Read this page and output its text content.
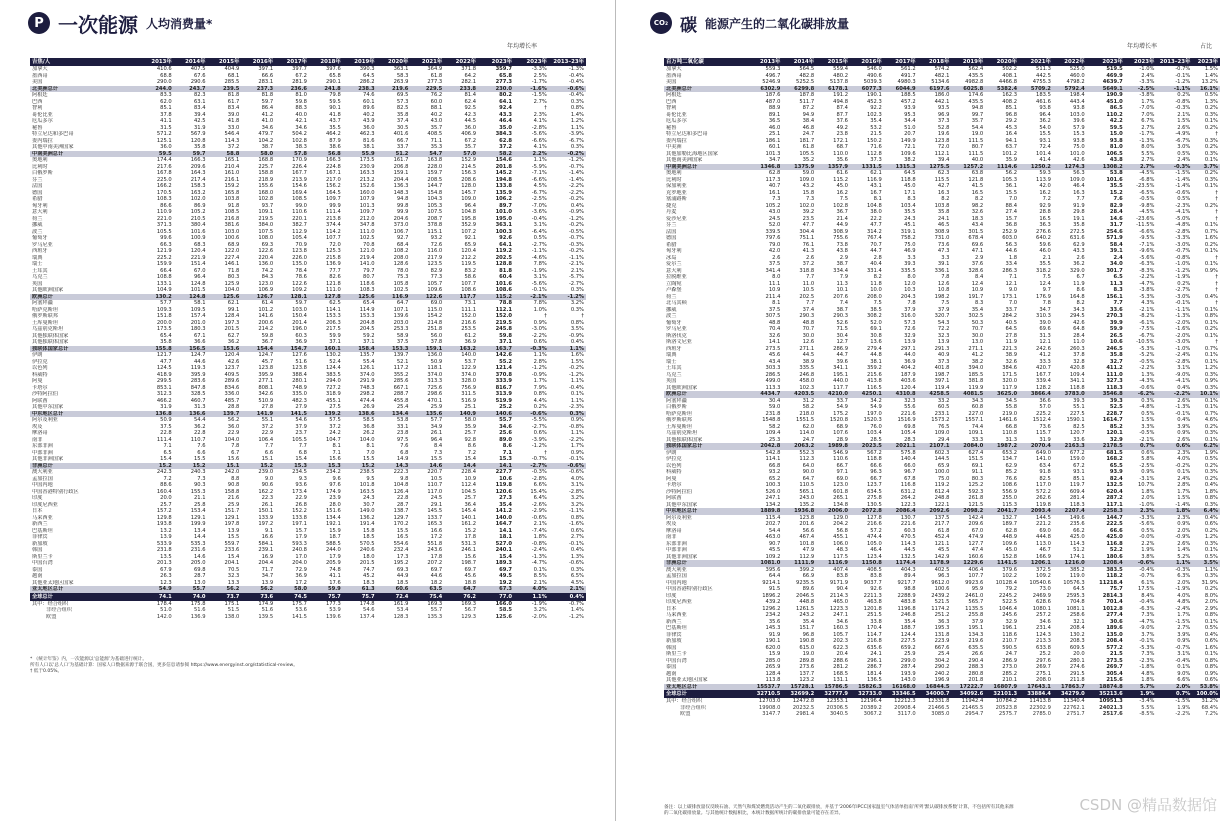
P 一次能源 人均消费量*
年均增长率
吉焦/人	2013年	2014年	2015年	2016年	2017年	2018年	2019年	2020年	2021年	2022年	2023年	2023年	2013–23年
加拿大	410.6	407.5	404.9	397.1	397.7	397.6	390.3	363.1	364.9	371.8	359.7	-3.3%	-1.3%
墨西哥	68.8	67.6	68.1	66.6	67.2	65.8	64.5	58.3	61.8	64.2	65.8	2.5%	-0.4%
美国	290.0	290.6	285.5	283.1	281.9	290.1	286.2	263.9	277.3	282.1	277.3	-1.7%	-0.4%
北美洲总计	244.0	243.7	239.5	237.3	236.6	241.8	238.3	219.6	229.5	233.8	230.0	-1.6%	-0.6%
阿根廷	83.3	82.3	81.8	81.8	81.0	79.8	74.6	69.5	76.2	81.4	80.2	-1.5%	-0.4%
巴西	62.0	63.1	61.7	59.7	59.8	59.5	60.1	57.3	60.0	62.4	64.1	2.7%	0.3%
智利	85.1	83.4	83.4	86.4	88.3	90.1	89.6	82.5	88.1	92.5	92.4	†	0.8%
哥伦比亚	37.8	39.4	39.0	41.2	40.0	41.8	40.2	35.8	40.2	42.3	43.3	2.3%	1.4%
厄瓜多尔	41.1	42.5	41.8	41.0	42.1	43.7	43.9	37.4	43.0	44.5	46.4	4.1%	1.2%
秘鲁	31.5	31.9	33.0	34.6	34.6	35.5	36.0	30.5	35.7	36.0	35.0	-2.8%	1.1%
特立尼达和多巴哥	571.2	567.9	546.4	479.7	504.2	464.2	462.3	401.6	408.5	406.9	384.3	-5.6%	-3.9%
委内瑞拉	125.1	120.8	114.3	104.2	102.8	87.9	81.6	66.7	71.1	67.2	62.8	-6.6%	-6.7%
其他中南美洲国家	36.0	35.8	37.2	38.7	38.3	38.6	38.1	33.7	35.3	35.7	37.2	4.1%	0.3%
中南美洲总计	59.5	59.7	58.8	58.0	57.8	56.8	55.9	51.2	54.7	57.0	58.2	2.2%	-0.2%
奥地利	174.4	166.3	165.1	168.8	170.9	166.3	173.5	161.7	163.8	152.9	154.6	1.1%	-1.2%
比利时	217.6	209.6	210.4	225.7	226.4	224.8	230.9	206.8	228.0	214.5	201.8	-5.9%	-0.7%
白俄罗斯	167.8	164.3	161.0	158.8	167.7	167.1	163.3	159.1	159.7	156.3	145.2	-7.1%	-1.4%
芬兰	225.0	217.4	216.1	218.9	213.9	217.0	213.2	204.4	208.5	208.6	194.8	-6.6%	-1.4%
法国	166.2	158.3	159.2	155.6	154.6	156.2	152.6	136.3	144.7	128.0	133.8	4.5%	-2.2%
德国	170.5	163.2	165.8	168.0	169.4	164.5	160.0	148.3	154.8	145.7	135.9	-6.7%	-2.2%
希腊	108.3	102.0	103.8	102.8	108.5	109.7	107.9	94.8	104.3	109.0	106.2	-2.5%	-0.2%
匈牙利	86.6	86.9	91.8	93.7	99.0	99.9	101.3	99.8	105.3	96.4	89.7	-7.0%	0.4%
意大利	110.9	105.2	108.5	109.1	110.6	111.4	109.7	99.9	107.5	104.8	101.0	-3.6%	-0.9%
荷兰	221.0	210.5	216.8	219.5	220.1	213.8	212.0	204.6	208.7	195.8	195.0	-0.4%	-1.2%
挪威	371.3	380.4	381.6	384.0	382.7	374.4	347.8	373.0	378.8	352.9	363.1	3.1%	-0.2%
波兰	105.5	101.6	103.0	107.5	112.9	114.2	111.0	106.7	115.1	107.2	100.3	-6.4%	-0.5%
葡萄牙	99.6	100.9	100.6	108.0	105.4	107.7	102.5	92.7	93.2	92.1	92.6	0.5%	-0.7%
罗马尼亚	66.3	68.3	68.9	69.3	70.9	72.0	70.8	68.4	72.6	65.9	64.1	-2.7%	-0.3%
西班牙	121.9	120.4	122.0	122.6	123.8	125.3	121.0	108.2	116.0	120.4	119.2	-1.1%	-0.2%
瑞典	225.2	221.9	227.4	220.4	226.0	215.8	219.4	208.0	217.9	212.2	202.5	-4.6%	-1.1%
瑞士	159.9	151.4	146.1	136.0	135.0	136.9	141.0	128.6	123.5	119.5	128.8	7.8%	-2.1%
土耳其	66.4	67.0	71.8	74.2	78.4	77.7	79.7	78.0	82.9	83.2	81.8	-1.9%	2.1%
乌克兰	108.8	96.4	80.3	84.3	78.6	82.6	80.7	75.3	77.3	58.6	60.4	3.1%	-5.7%
英国	133.1	124.8	125.9	123.0	122.6	121.8	118.6	105.8	105.7	107.7	101.6	-5.6%	-2.7%
其他欧洲国家	104.9	101.5	104.0	106.9	109.2	111.0	108.3	102.5	109.6	108.6	108.6	-0.1%	0.3%
欧洲总计	130.2	124.8	125.6	126.7	128.1	127.8	125.6	116.9	122.6	117.7	115.2	-2.1%	-1.2%
阿塞拜疆	57.7	58.1	62.1	61.4	59.7	62.5	65.4	64.7	69.0	73.1	78.8	7.8%	3.2%
哈萨克斯坦	109.3	109.5	99.1	101.2	103.0	114.1	114.9	107.1	115.0	111.1	112.1	1.0%	0.3%
俄罗斯联邦	151.8	157.4	128.4	141.6	150.4	153.3	153.3	139.6	154.2	152.0	152.0	†	†
土库曼斯坦	200.0	201.0	197.3	200.6	201.4	206.3	204.8	203.0	214.8	216.6	219.5	0.9%	0.8%
乌兹别克斯坦	173.5	180.3	201.5	214.2	196.0	217.5	204.5	253.3	251.8	253.5	245.8	-3.0%	3.5%
其他独联体国家	65.4	67.1	62.7	59.8	60.3	59.9	59.2	58.9	56.0	61.2	59.8	-2.2%	-0.9%
其他独联体国家	35.8	36.6	36.2	36.7	36.9	37.1	37.1	37.5	37.8	36.9	37.1	0.6%	0.4%
独联体国家总计	155.8	156.5	153.6	154.4	154.7	160.1	158.4	153.3	159.1	163.2	163.7	-0.3%	1.1%
伊朗	121.7	124.7	120.4	124.7	127.6	130.2	135.7	139.7	136.0	140.0	142.6	1.1%	1.6%
伊拉克	47.7	44.6	42.6	45.7	51.6	52.4	55.4	52.1	50.9	53.7	55.2	2.8%	1.5%
以色列	124.5	119.3	123.7	123.8	123.8	124.4	126.1	117.2	118.1	122.9	121.4	-1.2%	-0.2%
科威特	418.9	395.9	409.5	395.9	388.4	383.5	374.0	355.2	374.0	374.0	370.8	-0.9%	-1.2%
阿曼	299.5	283.6	289.6	277.1	280.1	294.0	291.9	285.6	313.3	328.0	333.9	1.7%	1.1%
卡塔尔	853.1	847.8	834.6	808.1	748.9	727.2	748.3	667.1	725.6	756.9	816.7	7.9%	-0.4%
沙特阿拉伯	312.3	328.5	336.0	342.6	335.0	318.9	298.2	288.7	298.6	311.5	313.9	0.8%	0.1%
阿联酋	466.2	460.7	485.7	510.9	482.3	455.1	474.4	455.8	470.1	516.9	519.9	4.4%	1.1%
其他中东国家	31.9	31.3	28.8	27.8	27.9	27.5	26.9	25.4	25.9	25.1	25.2	0.2%	-2.3%
中东地区总计	136.8	136.6	139.7	141.9	141.5	139.2	138.6	134.4	135.6	140.9	140.6	-0.6%	0.3%
阿尔及利亚	50.9	54.4	56.2	55.1	54.6	57.5	58.5	53.8	57.7	58.0	55.7	-5.5%	0.9%
埃及	37.5	36.2	36.0	37.2	37.9	37.2	36.8	33.1	34.9	35.9	34.6	-2.7%	-0.8%
摩洛哥	22.8	22.8	22.9	22.9	23.7	24.2	26.2	23.8	26.1	25.7	25.6	0.6%	1.1%
南非	111.4	110.7	104.0	106.4	105.5	104.7	104.0	97.5	96.4	92.8	89.0	-3.9%	-2.2%
东部非洲	7.1	7.6	7.8	7.7	7.7	8.1	8.1	7.6	8.4	8.6	8.6	-1.2%	1.7%
中部非洲	6.5	6.6	6.7	6.6	6.8	7.1	7.0	6.8	7.3	7.2	7.1	†	0.9%
其他非洲国家	15.4	15.5	15.6	15.1	15.4	15.6	15.5	14.9	15.5	15.4	15.3	-0.7%	-0.1%
非洲总计	15.2	15.2	15.1	15.2	15.3	15.3	15.2	14.3	14.6	14.4	14.1	-2.7%	-0.6%
澳大利亚	242.3	240.3	242.0	239.0	234.5	234.2	238.5	222.3	220.7	228.4	227.7	-0.3%	-0.6%
孟加拉国	7.2	7.3	8.8	9.0	9.3	9.6	9.5	9.8	10.5	10.9	10.6	-2.8%	4.0%
中国内地	88.6	90.3	90.8	90.6	93.6	97.6	101.8	104.8	110.7	112.4	119.8	6.6%	3.1%
中国香港特别行政区	160.4	155.3	158.8	162.2	173.4	174.9	163.5	126.4	117.0	104.5	120.6	15.4%	-2.8%
印度	20.0	21.1	21.6	22.3	22.9	23.9	24.3	22.8	24.5	25.7	27.3	6.4%	3.2%
印度尼西亚	25.7	25.8	25.9	26.1	26.8	28.0	30.7	28.7	29.1	36.4	35.4	-2.6%	3.2%
日本	157.2	153.4	151.7	150.1	152.2	151.6	149.0	138.7	145.5	145.4	141.2	-2.9%	-1.1%
马来西亚	129.8	129.1	129.1	133.9	133.8	134.4	136.2	129.7	133.7	140.1	140.0	-0.6%	0.8%
新西兰	193.8	199.9	197.8	197.2	197.1	192.1	191.4	170.2	165.3	161.2	164.7	2.1%	-1.6%
巴基斯坦	13.2	13.4	13.9	9.1	15.7	15.9	15.8	15.5	16.6	15.2	14.1	-7.4%	0.6%
菲律宾	13.9	14.4	15.5	16.6	17.9	18.7	18.5	16.5	17.2	17.8	18.1	1.8%	2.7%
新加坡	533.9	535.3	559.7	584.1	593.3	588.5	570.5	554.6	551.8	531.3	527.0	-0.8%	-0.1%
韩国	231.8	231.6	233.6	239.1	240.8	244.0	240.6	232.4	243.6	246.1	240.1	-2.4%	0.4%
斯里兰卡	13.5	14.6	15.4	16.9	17.0	17.9	18.0	17.3	17.8	15.6	15.4	-1.3%	1.3%
中国台湾	201.3	205.0	204.1	204.4	204.0	205.9	201.5	195.2	207.2	198.7	189.3	-4.7%	-0.6%
泰国	67.9	69.8	70.5	71.7	72.9	74.8	74.7	69.3	69.7	69.7	69.7	0.1%	0.3%
越南	26.3	28.7	32.3	34.7	36.9	41.1	45.2	44.9	44.6	45.6	49.5	8.5%	6.5%
其他亚太地区国家	12.3	13.0	13.3	13.9	17.2	17.6	18.3	18.5	18.2	18.8	19.2	2.1%	4.5%
亚太地区总计	54.9	55.7	56.2	56.2	58.0	59.9	61.3	60.6	63.5	64.7	67.3	4.0%	2.1%
全球总计	74.1	74.0	73.7	73.6	74.5	75.7	75.7	72.4	75.4	76.2	77.0	1.1%	0.4%
其中：经合组织	178.4	175.8	175.1	174.9	175.7	177.3	174.8	161.9	169.3	169.3	166.0	-1.9%	-0.7%
非经合组织	51.0	51.6	51.5	51.6	53.6	53.9	54.6	53.4	55.7	56.7	58.5	3.2%	1.4%
欧盟	142.0	136.9	138.0	139.5	141.5	139.6	137.4	128.3	135.3	129.3	125.6	-2.0%	-1.2%
* 《统计年鉴》内，一次能源以‘总能源’为基础进行统计。
所有人口以‘总人口’为基础计算：国家人口数据来源于联合国，更多信息请参阅 https://www.energyinst.org/statistical-review。
† 低于0.05%。
CO₂ 碳 能源产生的二氧化碳排放量
年均增长率	占比
百万吨二氧化碳	2013年	2014年	2015年	2016年	2017年	2018年	2019年	2020年	2021年	2022年	2023年	2023年	2013–23年	2023年
加拿大	559.3	564.5	559.4	546.0	561.2	574.2	562.4	502.2	511.3	525.0	519.5	-1.0%	-0.7%	1.5%
墨西哥	496.7	482.8	480.2	490.6	491.7	482.1	435.5	408.1	442.5	460.0	469.9	2.4%	-0.1%	1.4%
美国	5246.9	5252.5	5137.8	5039.3	4980.3	5134.6	4982.8	4466.8	4755.3	4798.2	4639.7	-3.3%	-1.2%	13.2%
北美洲总计	6302.9	6299.8	6178.1	6077.3	6044.9	6197.6	6025.8	5382.4	5709.2	5792.4	5649.1	-2.5%	-1.1%	16.1%
阿根廷	187.6	187.8	191.2	190.1	188.5	186.0	174.6	162.3	183.5	198.4	190.9	-3.8%	0.2%	0.5%
巴西	487.0	511.7	494.8	452.3	457.2	442.1	435.5	408.2	461.6	443.4	451.0	1.7%	-0.8%	1.3%
智利	88.9	87.2	87.4	92.2	93.9	93.5	94.8	85.1	93.8	93.8	86.5	-7.0%	-0.3%	0.2%
哥伦比亚	89.1	94.9	87.7	102.3	95.3	96.9	99.7	96.8	96.4	103.0	110.2	7.0%	2.1%	0.3%
厄瓜多尔	36.5	38.4	37.6	35.4	34.4	37.3	35.7	29.2	36.2	39.6	42.2	6.7%	1.5%	0.1%
秘鲁	46.0	46.8	49.2	53.2	51.0	52.8	54.4	45.3	54.0	57.9	59.5	2.7%	2.6%	0.2%
特立尼达和多巴哥	25.1	24.7	23.8	21.5	20.7	19.6	19.0	16.4	15.5	15.3	15.0	-1.7%	-4.9%	†
委内瑞拉	186.1	181.7	172.1	150.2	149.9	123.8	111.5	94.1	93.1	93.8	93.8	-1.3%	-6.7%	0.3%
中美洲	60.1	61.8	68.7	71.6	72.1	72.0	80.7	63.7	72.4	75.0	81.0	8.0%	3.0%	0.2%
其他加勒比海地区国家	101.3	105.5	110.0	112.8	109.6	112.1	111.5	101.2	101.4	101.0	106.5	5.5%	0.5%	0.3%
其他南美洲国家	34.7	35.2	35.6	37.3	38.2	39.4	40.0	35.9	41.4	42.6	43.8	2.7%	2.4%	0.1%
中南美洲总计	1346.8	1375.9	1357.9	1331.5	1315.3	1275.5	1257.2	1114.6	1250.2	1274.3	1308.2	2.7%	-0.3%	3.7%
奥地利	62.8	59.0	61.6	62.1	64.5	62.3	63.8	56.2	59.3	56.3	53.8	-4.5%	-1.5%	0.2%
比利时	117.3	109.0	115.2	116.9	118.8	115.5	121.8	105.3	113.9	109.0	101.6	-6.8%	-1.4%	0.3%
保加利亚	40.7	43.2	45.0	43.1	45.0	42.7	41.5	36.1	42.0	46.4	35.5	-23.5%	-1.4%	0.1%
克罗地亚	16.1	15.8	16.2	16.7	17.1	16.3	16.5	15.5	16.2	16.3	15.2	-6.5%	-0.6%	†
塞浦路斯	7.3	7.3	7.5	8.1	8.3	8.2	8.2	7.0	7.2	7.7	7.6	-0.5%	0.5%	†
捷克	105.2	102.0	102.8	104.8	103.4	103.8	98.2	88.4	92.9	91.9	82.9	-9.8%	-2.3%	0.2%
丹麦	43.0	39.2	36.7	38.0	35.5	35.8	32.6	27.4	28.8	29.8	28.4	-4.5%	-4.1%	†
爱沙尼亚	24.5	23.5	21.4	22.2	24.3	24.1	18.3	15.7	16.5	19.1	14.6	-23.6%	-5.0%	†
芬兰	52.0	47.7	44.9	47.7	45.1	46.5	43.4	36.8	36.3	35.8	31.7	-11.5%	-4.8%	0.1%
法国	339.5	304.4	308.9	314.2	319.1	308.9	301.5	252.9	276.6	272.5	254.6	-6.6%	-2.8%	0.7%
德国	797.6	751.1	755.6	767.4	758.2	731.0	678.4	603.0	640.2	631.6	571.9	-9.5%	-3.3%	1.6%
希腊	79.0	76.1	73.8	70.7	75.0	73.6	69.6	56.3	59.6	62.9	58.4	-7.1%	-3.0%	0.2%
匈牙利	42.0	41.3	43.8	44.7	46.9	47.3	47.1	44.6	46.0	43.3	39.1	-9.6%	-0.7%	0.1%
冰岛	2.6	2.6	2.9	2.8	3.3	3.3	2.9	1.8	2.1	2.6	2.4	-5.6%	-0.8%	†
爱尔兰	37.5	37.2	38.7	40.4	39.3	39.1	37.6	33.4	35.5	36.2	34.0	-6.3%	-1.0%	0.1%
意大利	341.4	318.8	334.4	331.4	335.5	336.1	328.6	286.3	318.2	329.0	301.7	-8.3%	-1.2%	0.9%
拉脱维亚	8.0	7.7	7.9	8.2	8.0	7.8	8.4	7.1	7.5	6.7	6.5	-2.2%	-1.9%	†
立陶宛	11.1	11.0	11.3	11.8	12.0	12.6	12.4	12.1	12.4	11.9	11.3	-4.7%	0.2%	†
卢森堡	10.9	10.5	10.1	10.0	10.3	10.8	10.9	9.0	9.7	8.6	8.3	-3.8%	-2.7%	†
荷兰	211.4	202.5	207.6	208.0	204.3	198.2	191.7	173.1	176.9	164.8	156.1	-5.3%	-3.0%	0.4%
北马其顿	8.1	7.7	7.4	7.5	7.8	7.5	8.3	7.0	7.8	8.2	7.7	4.3%	-0.1%	†
挪威	37.5	37.4	38.7	38.5	37.9	37.9	35.4	33.7	34.7	34.3	33.6	-2.1%	-1.1%	0.1%
波兰	307.5	290.3	290.3	308.2	316.0	320.7	302.5	284.2	310.3	294.5	270.3	-8.2%	-1.3%	0.8%
葡萄牙	48.8	48.8	52.6	52.0	57.3	54.3	50.3	40.5	39.0	42.6	39.9	-6.1%	-2.0%	0.1%
罗马尼亚	70.4	70.7	71.5	69.1	72.6	72.2	70.7	64.5	69.6	64.8	59.9	-7.5%	-1.6%	0.2%
斯洛伐克	32.6	30.0	30.4	30.8	32.9	32.3	30.0	27.8	31.3	28.4	26.5	-6.7%	-2.0%	0.1%
斯洛文尼亚	14.1	12.6	12.7	13.6	13.9	13.9	13.0	11.9	12.1	11.0	10.6	-10.5%	-3.0%	†
西班牙	273.5	271.1	286.9	279.4	297.1	291.3	271.1	221.3	242.6	260.3	246.5	-5.3%	-1.0%	0.7%
瑞典	45.6	44.5	44.7	44.8	44.0	40.9	41.2	38.9	41.2	37.8	35.8	-5.2%	-2.4%	0.1%
瑞士	43.4	38.9	39.6	38.1	36.9	37.3	38.2	32.6	33.3	32.8	32.7	-0.5%	-2.8%	0.1%
土耳其	303.3	335.5	341.1	359.2	404.2	401.8	394.0	384.6	420.7	420.8	411.2	-2.2%	3.1%	1.2%
乌克兰	286.5	246.8	195.1	215.6	187.9	198.7	185.5	171.5	167.7	109.4	111.0	1.3%	-9.0%	0.3%
英国	499.0	458.0	440.0	413.8	403.6	397.1	381.8	320.0	339.4	341.1	327.3	-4.3%	-4.1%	0.9%
其他欧洲国家	113.3	102.3	117.7	116.5	120.4	119.4	119.9	117.9	128.2	118.8	118.3	-0.6%	0.4%	0.3%
欧洲总计	4434.7	4203.5	4210.0	4250.1	4310.8	4258.5	4081.5	3625.0	3866.4	3783.0	3546.8	-6.2%	-2.2%	10.1%
阿塞拜疆	30.4	31.2	33.7	34.2	32.3	33.2	34.3	34.5	36.6	39.3	39.3	0.3%	2.6%	0.1%
白俄罗斯	59.0	58.2	54.9	54.9	55.6	60.5	60.8	55.8	57.0	55.1	52.5	-4.8%	-1.3%	0.1%
哈萨克斯坦	231.8	218.0	175.2	197.0	221.6	233.1	227.0	219.0	225.2	227.5	228.7	0.5%	-0.1%	0.7%
俄罗斯联邦	1548.8	1551.5	1520.8	1520.3	1516.9	1573.2	1557.1	1461.6	1512.4	1590.1	1614.7	1.5%	0.4%	4.6%
土库曼斯坦	58.2	62.0	68.9	76.0	69.8	76.5	74.4	66.8	73.6	82.5	85.2	3.3%	3.9%	0.2%
乌兹别克斯坦	109.4	114.0	107.6	103.4	105.4	109.0	109.1	110.8	115.7	120.7	120.1	-0.5%	0.9%	0.3%
其他独联体国家	25.3	24.7	28.9	28.5	28.3	29.4	33.3	31.3	31.9	33.6	32.9	-2.1%	2.6%	0.1%
独联体国家总计	2042.8	2063.2	1989.8	2023.5	2021.1	2107.1	2084.0	1987.2	2070.4	2163.3	2178.5	0.7%	0.6%	6.2%
伊朗	542.8	552.3	546.9	567.2	575.8	602.3	627.4	653.2	649.0	677.2	681.5	0.6%	2.3%	1.9%
伊拉克	114.1	112.3	110.6	118.8	140.4	144.5	151.5	134.7	141.0	159.0	168.2	5.8%	4.0%	0.5%
以色列	66.8	64.0	66.7	66.6	66.0	65.9	69.1	62.9	63.4	67.2	65.5	-2.5%	-0.2%	0.2%
科威特	93.2	90.0	97.1	96.3	96.7	100.0	91.1	85.2	91.8	93.1	93.9	0.9%	0.1%	0.3%
阿曼	65.2	64.7	69.0	66.7	67.8	75.0	80.3	76.6	82.5	85.1	82.4	-3.1%	2.4%	0.2%
卡塔尔	100.3	110.5	123.0	123.7	116.8	119.2	125.2	108.6	117.0	119.7	132.5	10.7%	2.8%	0.4%
沙特阿拉伯	526.0	565.1	601.8	634.5	631.2	612.4	592.3	556.9	572.2	609.4	620.4	1.8%	1.7%	1.8%
阿联酋	247.1	243.0	265.1	275.8	264.2	248.8	261.8	255.0	262.6	281.4	287.2	2.0%	1.5%	0.8%
其他中东国家	134.2	135.2	134.8	130.5	122.3	122.1	121.5	115.3	119.8	118.3	117.1	-1.0%	-1.4%	0.3%
中东地区总计	1889.8	1936.8	2006.0	2072.8	2086.4	2092.6	2098.2	2041.7	2093.4	2207.4	2258.3	2.3%	1.8%	6.4%
阿尔及利亚	115.4	123.8	129.0	127.8	130.7	137.5	142.4	132.7	144.5	149.6	144.7	-3.3%	2.3%	0.4%
埃及	202.7	201.6	204.2	216.6	221.6	217.7	209.6	189.7	221.2	235.6	222.5	-5.6%	0.9%	0.6%
摩洛哥	54.4	56.6	56.8	57.2	60.3	61.8	67.0	62.8	69.0	66.2	66.6	0.5%	2.0%	0.2%
南非	463.0	467.4	455.1	474.4	470.5	452.4	474.9	448.9	444.8	425.0	425.0	-0.0%	-0.9%	1.2%
东部非洲	90.7	101.8	106.0	105.0	114.3	121.1	127.7	109.6	113.0	114.3	116.8	2.2%	2.6%	0.3%
中部非洲	45.5	47.9	48.3	46.4	44.5	45.5	47.4	45.0	46.7	51.2	52.2	1.9%	1.4%	0.1%
其他非洲国家	109.2	112.9	117.5	123.4	132.5	142.9	160.6	152.8	166.9	174.1	180.6	3.8%	5.2%	0.5%
非洲总计	1081.0	1111.9	1116.9	1150.8	1174.4	1178.9	1229.6	1141.5	1206.1	1216.0	1208.4	-0.6%	1.1%	3.5%
澳大利亚	395.6	399.2	407.4	408.5	404.3	402.5	406.4	379.6	372.5	385.2	383.5	-0.4%	-0.3%	1.1%
孟加拉国	64.4	66.9	83.8	83.8	89.4	96.3	107.7	102.2	109.2	119.0	118.2	-0.7%	6.3%	0.3%
中国内地	9214.1	9235.5	9171.9	9037.7	9217.7	9612.0	9923.6	10128.4	10540.6	10576.3	11218.4	6.1%	2.0%	31.9%
中国香港特别行政区	91.5	89.6	90.4	92.6	98.8	100.6	95.9	79.2	73.0	64.5	75.7	17.5%	-1.9%	0.2%
印度	1896.2	2046.5	2114.3	2211.3	2288.9	2439.2	2461.0	2245.2	2469.9	2595.3	2814.3	8.4%	4.0%	8.0%
印度尼西亚	439.2	448.8	465.0	463.8	483.8	521.5	565.7	522.5	628.6	704.8	701.4	-0.4%	4.8%	2.0%
日本	1296.2	1261.5	1223.3	1201.8	1196.8	1174.2	1135.5	1046.4	1080.1	1081.1	1012.8	-6.3%	-2.4%	2.9%
马来西亚	234.2	243.2	247.1	251.5	246.8	251.2	255.8	245.6	257.2	258.6	277.4	7.3%	1.7%	0.8%
新西兰	35.6	35.4	34.6	33.8	35.4	36.3	37.9	32.9	34.6	32.1	30.6	-4.7%	-1.5%	0.1%
巴基斯坦	145.3	151.7	160.3	170.4	188.7	195.3	195.1	196.1	231.4	208.4	189.6	-9.0%	2.7%	0.5%
菲律宾	91.9	96.8	105.7	114.7	124.4	131.8	134.3	118.6	124.3	130.2	135.0	3.7%	3.9%	0.4%
新加坡	190.1	190.8	202.3	216.8	227.5	223.9	219.6	210.7	213.3	208.3	208.4	-0.1%	0.9%	0.6%
韩国	620.0	615.0	622.3	635.6	659.2	667.6	635.5	590.5	633.8	609.5	577.2	-5.3%	-0.7%	1.6%
斯里兰卡	15.9	19.0	20.4	24.1	25.9	25.4	26.6	24.7	25.2	20.0	21.5	7.3%	3.1%	0.1%
中国台湾	285.0	289.8	288.6	296.1	299.0	304.2	290.4	286.9	297.6	280.1	273.5	-2.3%	-0.4%	0.8%
泰国	265.9	273.6	281.2	286.7	287.4	290.2	288.3	273.0	269.7	274.6	269.7	-1.8%	0.1%	0.8%
越南	128.4	137.7	168.5	181.4	193.9	240.2	280.8	285.2	275.1	291.5	305.4	4.8%	9.0%	0.9%
其他亚太地区国家	113.8	123.2	131.1	136.5	143.0	196.9	201.8	210.1	208.0	211.8	215.6	1.8%	6.6%	0.6%
亚太地区总计	15537.7	15728.1	15786.5	15826.3	16168.0	16844.5	17222.7	16807.9	17643.1	17863.7	18874.8	5.7%	2.0%	53.8%
全球总计	32710.5	32699.2	32777.9	32733.0	33346.5	34000.7	34092.6	32101.3	33884.4	34279.0	35213.6	1.9%	0.7%	100.0%
其中：经合组织	12703.0	12472.8	12353.1	12196.4	12212.3	12331.8	11942.4	10784.2	11413.8	11340.4	10951.3	-3.4%	-1.5%	31.2%
非经合组织	19908.0	20232.5	20306.5	20389.2	20908.4	21466.5	21465.5	20523.8	22302.9	22762.1	24021.3	5.5%	1.9%	68.4%
欧盟	3147.7	2981.4	3040.5	3067.2	3117.0	3085.0	2954.7	2575.7	2785.0	2751.7	2517.6	-8.5%	-2.2%	7.2%
备注：以上碳排放量仅反映石油、天然气和煤炭燃烧活动产生的二氧化碳排放，并基于‘2006年IPCC国家温室气体清单指南’所列‘默认碳排放系数’计算，不包括所有其他来源
的二氧化碳排放量。与其他统计数据相比，本统计数据所统计的碳排放量可能存在差异。	CSDN @精品数据馆
